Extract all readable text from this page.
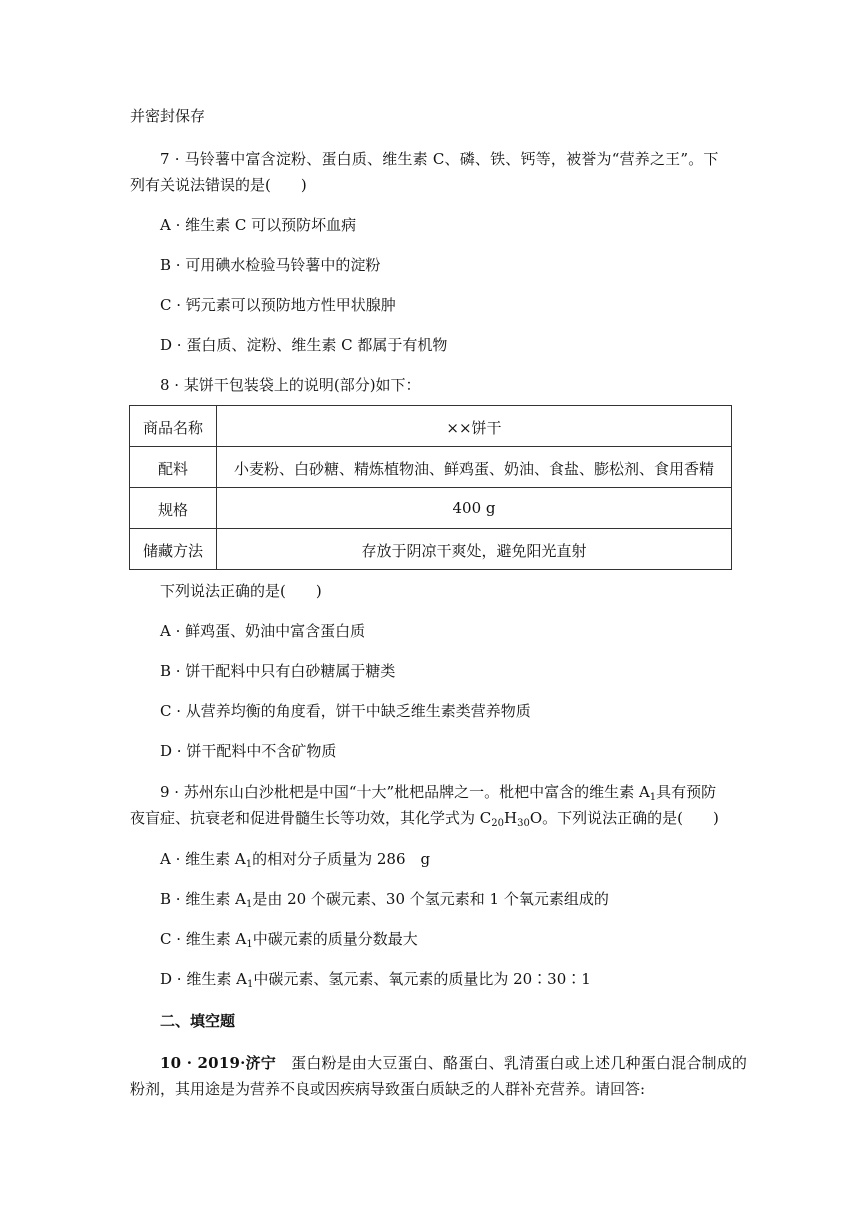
并密封保存
7 · 马铃薯中富含淀粉、蛋白质、维生素 C、磷、铁、钙等，被誉为“营养之王”。下
列有关说法错误的是(　　)
A · 维生素 C 可以预防坏血病
B · 可用碘水检验马铃薯中的淀粉
C · 钙元素可以预防地方性甲状腺肿
D · 蛋白质、淀粉、维生素 C 都属于有机物
8 · 某饼干包装袋上的说明(部分)如下：
商品名称	××饼干
配料	小麦粉、白砂糖、精炼植物油、鲜鸡蛋、奶油、食盐、膨松剂、食用香精
规格	400 g
储藏方法	存放于阴凉干爽处，避免阳光直射
下列说法正确的是(　　)
A · 鲜鸡蛋、奶油中富含蛋白质
B · 饼干配料中只有白砂糖属于糖类
C · 从营养均衡的角度看，饼干中缺乏维生素类营养物质
D · 饼干配料中不含矿物质
9 · 苏州东山白沙枇杷是中国“十大”枇杷品牌之一。枇杷中富含的维生素 $A_1$具有预防
夜盲症、抗衰老和促进骨髓生长等功效，其化学式为 $C_{20}H_{30}O$。下列说法正确的是(　　)
A · 维生素 $A_1$的相对分子质量为 286　g
B · 维生素 $A_1$是由 20 个碳元素、30 个氢元素和 1 个氧元素组成的
C · 维生素 $A_1$中碳元素的质量分数最大
D · 维生素 $A_1$中碳元素、氢元素、氧元素的质量比为 20∶30∶1
二、填空题
10 · 2019·济宁　蛋白粉是由大豆蛋白、酪蛋白、乳清蛋白或上述几种蛋白混合制成的
粉剂，其用途是为营养不良或因疾病导致蛋白质缺乏的人群补充营养。请回答:
